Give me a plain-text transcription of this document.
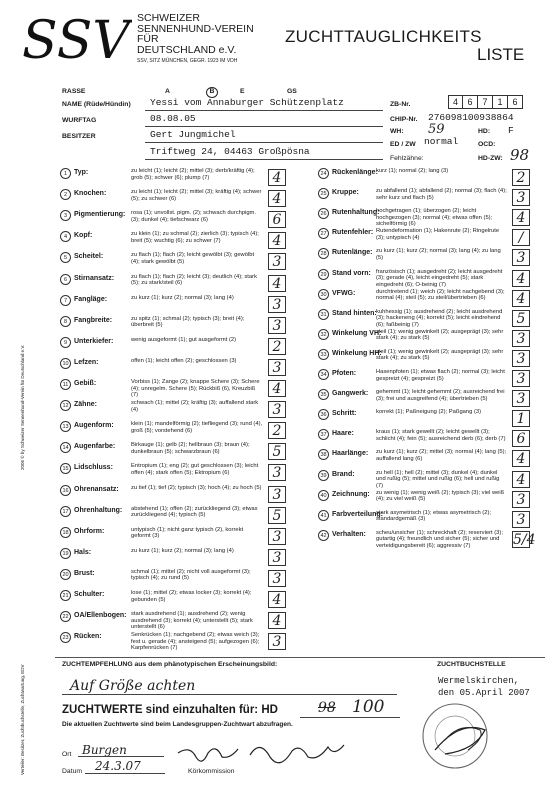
SSV SCHWEIZER
SENNENHUND-VEREIN
FÜR
DEUTSCHLAND e.V.
SSV, SITZ MÜNCHEN, GEGR. 1923 IM VDH
ZUCHTTAUGLICHKEITS
LISTE
RASSE	A	B	E	GS
NAME (Rüde/Hündin) Yessi vom Annaburger Schützenplatz
WURFTAG	08.08.05
BESITZER	Gert Jungmichel
Triftweg 24, 04463 Großpösna
ZB-Nr.	4	6	7	1	6
CHIP-Nr. 276098100938864
WH: 59	HD: F
ED / ZW normal	OCD:
Fehlzähne:	HD-ZW: 98
1 Typ:	zu leicht (1); leicht (2); mittel (3); derb/kräftig (4); grob (5); schwer (6); plump (7)	4
2 Knochen:	zu leicht (1); leicht (2); mittel (3); kräftig (4); schwer (5); zu schwer (6)	4
3 Pigmentierung: rosa (1); unvollst. pigm. (2); schwach durchpigm. (3); dunkel (4); tiefschwarz (6)	6
4 Kopf:	zu klein (1); zu schmal (2); zierlich (3); typisch (4); breit (5); wuchtig (6); zu schwer (7)	4
5 Scheitel:	zu flach (1); flach (2); leicht gewölbt (3); gewölbt (4); stark gewölbt (5)	3
6 Stirnansatz:	zu flach (1); flach (2); leicht (3); deutlich (4); stark (5); zu stark/steil (6)	4
7 Fangläge:	zu kurz (1); kurz (2); normal (3); lang (4)	3
8 Fangbreite:	zu spitz (1); schmal (2); typisch (3); breit (4); überbreit (5)	3
9 Unterkiefer:	wenig ausgeformt (1); gut ausgeformt (2)	2
10 Lefzen:	offen (1); leicht offen (2); geschlossen (3)	3
11 Gebiß:	Vorbiss (1); Zange (2); knappe Schere (3); Schere (4); unregelm. Schere (5); Rückbiß (6), Kreuzbiß (7)	4
12 Zähne:	schwach (1); mittel (2); kräftig (3); auffallend stark (4)	3
13 Augenform:	klein (1); mandelförmig (2); tiefliegend (3); rund (4), groß (5); vorstehend (6)	2
14 Augenfarbe:	Birkauge (1); gelb (2); hellbraun (3); braun (4); dunkelbraun (5); schwarzbraun (6)	5
15 Lidschluss:	Entropium (1); eng (2); gut geschlossen (3); leicht offen (4); stark offen (5); Ektropium (6)	3
16 Ohrenansatz: zu tief (1); tief (2); typisch (3); hoch (4); zu hoch (5) 3
17 Ohrenhaltung: abstehend (1); offen (2); zurückliegend (3); etwas zurückliegend (4); typisch (5)	5
18 Ohrform:	untypisch (1); nicht ganz typisch (2), korrekt geformt (3)	3
19 Hals:	zu kurz (1); kurz (2); normal (3); lang (4)	3
20 Brust:	schmal (1); mittel (2); nicht voll ausgeformt (3); typisch (4); zu rund (5)	3
21 Schulter:	lose (1); mittel (2); etwas locker (3); korrekt (4); gebunden (5)	4
22 OA/Ellenbogen: stark ausdrehend (1); ausdrehend (2); wenig ausdrehend (3); korrekt (4); unterstellt (5); stark unterstellt (6)	4
23 Rücken:	Senkrücken (1); nachgebend (2); etwas weich (3); fest u. gerade (4); ansteigend (5); aufgezogen (6); Karpfenrücken (7)	3
24 Rückenlänge:
kurz (1); normal (2); lang (3)	2
25 Kruppe:	zu abfallend (1); abfallend (2); normal (3); flach (4); sehr kurz und flach (5)	3
26 Rutenhaltung:
hochgetragen (1); überzogen (2); leicht hochgezogen (3); normal (4); etwas offen (5); sichelförmig (6)	4
27 Rutenfehler: Rutendeformation (1); Hakenrute (2); Ringelrute (3); untypisch (4)	/
28 Rutenlänge: zu kurz (1); kurz (2); normal (3); lang (4); zu lang (5)	3
29 Stand vorn: französisch (1); ausgedreht (2); leicht ausgedreht (3); gerade (4), leicht eingedreht (5); stark eingedreht (6); O-beinig (7)	4
30 VFWG:	durchtretend (1); weich (2); leicht nachgebend (3); normal (4); steil (5); zu steil/übertrieben (6)	4
31 Stand hinten: kuhhessig (1); ausdrehend (2); leicht ausdrehend (3); hackeneng (4); korrekt (5); leicht eindrehend (6); faßbeinig (7)	5
32 Winkelung VH:
steil (1); wenig gewinkelt (2); ausgeprägt (3); sehr stark (4); zu stark (5)	3
33 Winkelung HH:
steil (1); wenig gewinkelt (2); ausgeprägt (3); sehr stark (4); zu stark (5)	3
34 Pfoten:	Hasenpfoten (1); etwas flach (2); normal (3); leicht gespreizt (4); gespreizt (5)	3
35 Gangwerk: gehemmt (1); leicht gehemmt (2); ausreichend frei (3); frei und ausgreifend (4); übertrieben (5)	3
36 Schritt:	korrekt (1); Paßneigung (2); Paßgang (3)	1
37 Haare:	kraus (1); stark gewellt (2); leicht gewellt (3); schlicht (4); fein (5); ausreichend derb (6); derb (7) 6
38 Haarlänge: zu kurz (1); kurz (2); mittel (3); normal (4); lang (5); auffallend lang (6)	4
39 Brand:	zu hell (1); hell (2); mittel (3); dunkel (4); dunkel und rußig (5); mittel und rußig (6); hell und rußig (7)	4
40 Zeichnung: zu wenig (1); wenig weiß (2); typisch (3); viel weiß (4); zu viel weiß (5)	3
41 Farbverteilung:
stark asymetrisch (1); etwas asymetrisch (2); standardgemäß (3)	3
42 Verhalten: scheu/unsicher (1); schreckhaft (2); reserviert (3); gutartig (4); freundlich und sicher (5); sicher und verteidigungsbereit (6); aggressiv (7)	5/4
2006 © by Schweizer Sennenhund-Verein für Deutschland e.V.
Verteiler: Besitzer, Zuchtbuchstelle, Zuchtwartung, EDV	ZUCHTEMPFEHLUNG aus dem phänotypischen Erscheinungsbild:
Auf Größe achten
ZUCHTBUCHSTELLE
Wermelskirchen,
den 05.April 2007
ZUCHTWERTE sind einzuhalten für: HD	98 100
Die aktuellen Zuchtwerte sind beim Landesgruppen-Zuchtwart abzufragen.
Ort Burgen
Datum 24.3.07	Körkommission
